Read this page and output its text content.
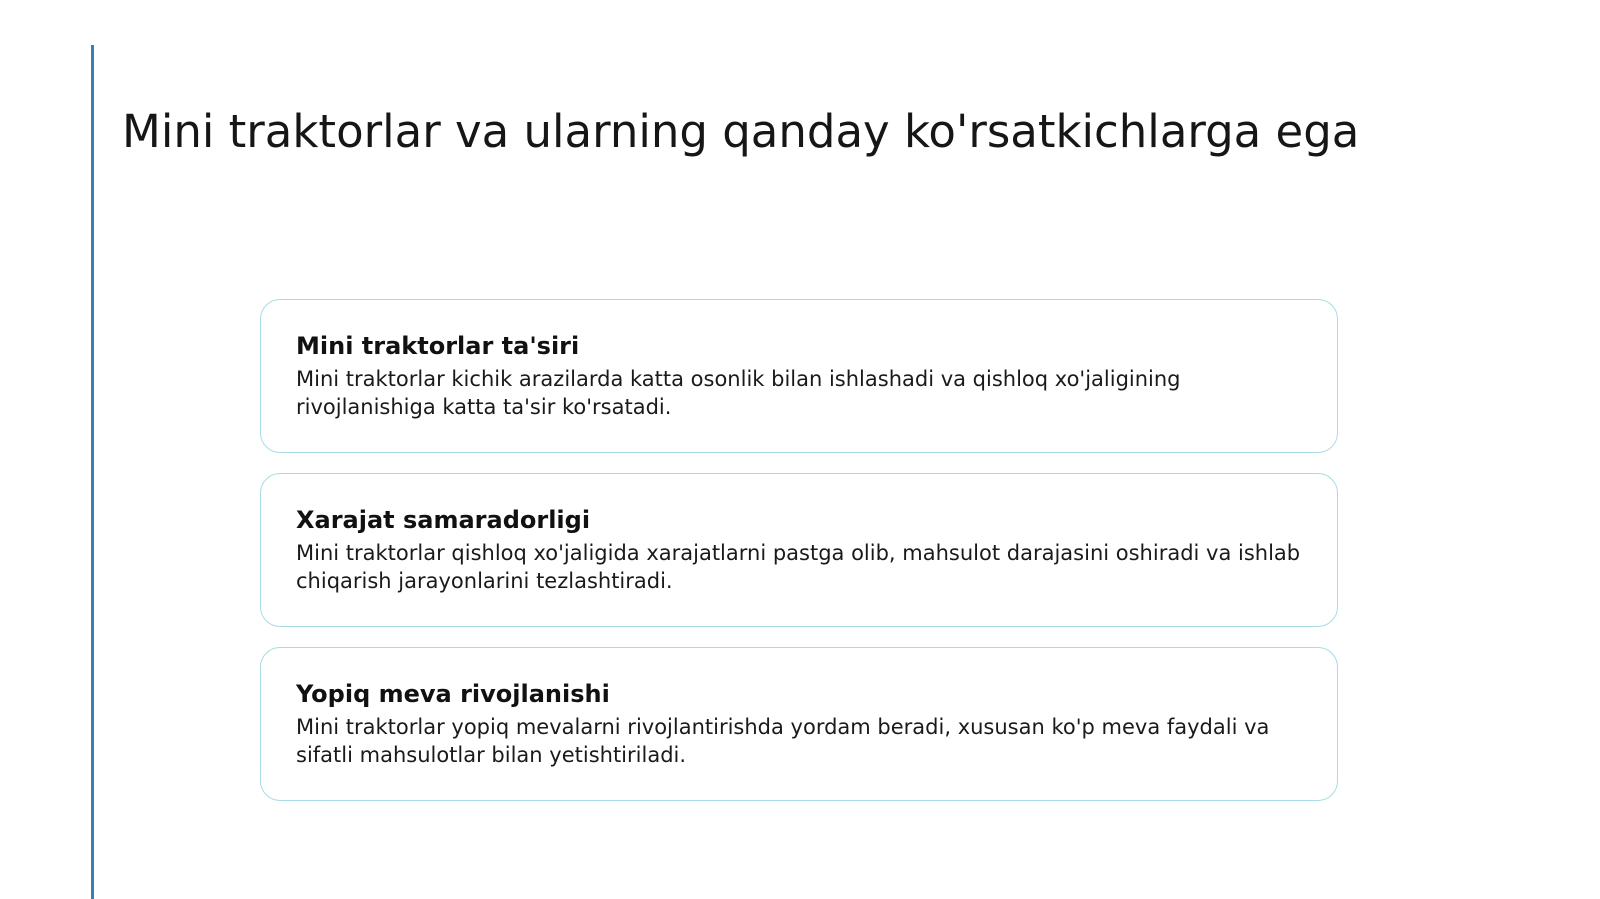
Mini traktorlar va ularning qanday ko'rsatkichlarga ega
Mini traktorlar ta'siri

Mini traktorlar kichik arazilarda katta osonlik bilan ishlashadi va qishloq xo'jaligining rivojlanishiga katta ta'sir ko'rsatadi.

Xarajat samaradorligi

Mini traktorlar qishloq xo'jaligida xarajatlarni pastga olib, mahsulot darajasini oshiradi va ishlab chiqarish jarayonlarini tezlashtiradi.

Yopiq meva rivojlanishi

Mini traktorlar yopiq mevalarni rivojlantirishda yordam beradi, xususan ko'p meva faydali va sifatli mahsulotlar bilan yetishtiriladi.
